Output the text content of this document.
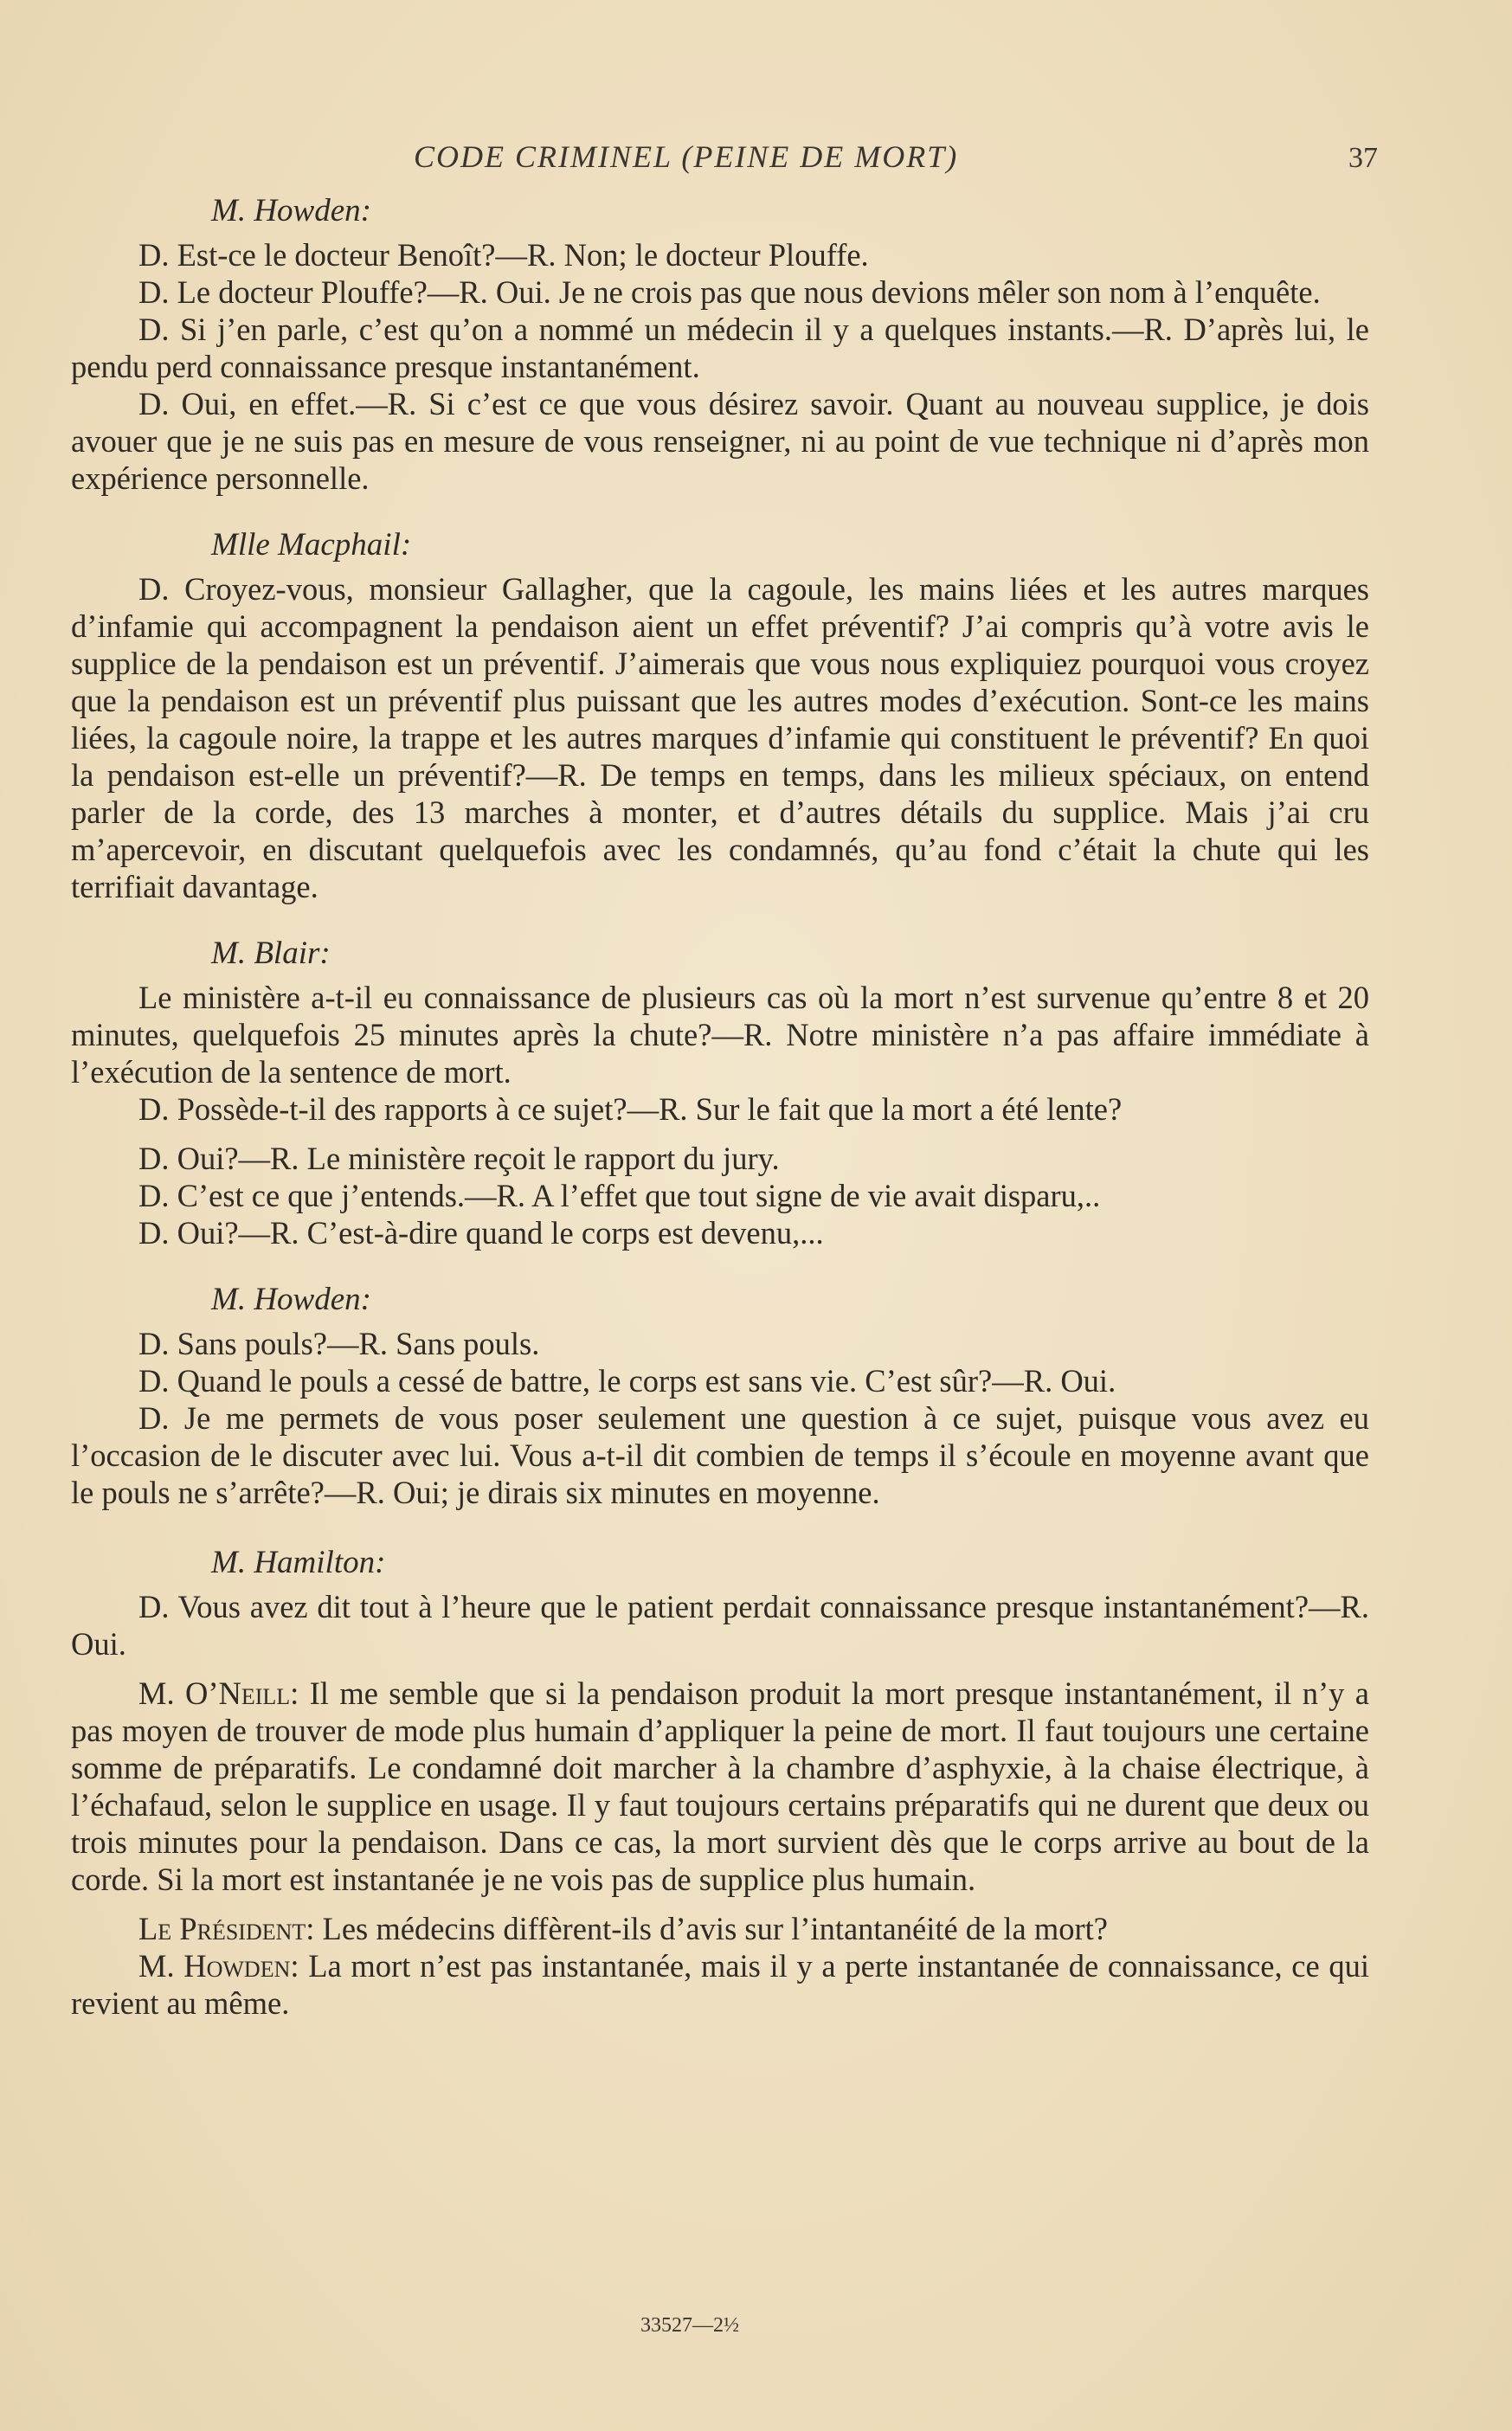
CODE CRIMINEL (PEINE DE MORT)	37
M. Howden:

D. Est-ce le docteur Benoît?—R. Non; le docteur Plouffe.

D. Le docteur Plouffe?—R. Oui. Je ne crois pas que nous devions mêler son nom à l’enquête.

D. Si j’en parle, c’est qu’on a nommé un médecin il y a quelques instants.—R. D’après lui, le pendu perd connaissance presque instantanément.

D. Oui, en effet.—R. Si c’est ce que vous désirez savoir. Quant au nouveau supplice, je dois avouer que je ne suis pas en mesure de vous renseigner, ni au point de vue technique ni d’après mon expérience personnelle.

Mlle Macphail:

D. Croyez-vous, monsieur Gallagher, que la cagoule, les mains liées et les autres marques d’infamie qui accompagnent la pendaison aient un effet préventif? J’ai compris qu’à votre avis le supplice de la pendaison est un préventif. J’aimerais que vous nous expliquiez pourquoi vous croyez que la pendaison est un préventif plus puissant que les autres modes d’exécution. Sont-ce les mains liées, la cagoule noire, la trappe et les autres marques d’infamie qui constituent le préventif? En quoi la pendaison est-elle un préventif?—R. De temps en temps, dans les milieux spéciaux, on entend parler de la corde, des 13 marches à monter, et d’autres détails du supplice. Mais j’ai cru m’apercevoir, en discutant quelquefois avec les condamnés, qu’au fond c’était la chute qui les terrifiait davantage.

M. Blair:

Le ministère a-t-il eu connaissance de plusieurs cas où la mort n’est survenue qu’entre 8 et 20 minutes, quelquefois 25 minutes après la chute?—R. Notre ministère n’a pas affaire immédiate à l’exécution de la sentence de mort.

D. Possède-t-il des rapports à ce sujet?—R. Sur le fait que la mort a été lente?

D. Oui?—R. Le ministère reçoit le rapport du jury.

D. C’est ce que j’entends.—R. A l’effet que tout signe de vie avait disparu,..

D. Oui?—R. C’est-à-dire quand le corps est devenu,...

M. Howden:

D. Sans pouls?—R. Sans pouls.

D. Quand le pouls a cessé de battre, le corps est sans vie. C’est sûr?—R. Oui.

D. Je me permets de vous poser seulement une question à ce sujet, puisque vous avez eu l’occasion de le discuter avec lui. Vous a-t-il dit combien de temps il s’écoule en moyenne avant que le pouls ne s’arrête?—R. Oui; je dirais six minutes en moyenne.

M. Hamilton:

D. Vous avez dit tout à l’heure que le patient perdait connaissance presque instantanément?—R. Oui.

M. O’Neill: Il me semble que si la pendaison produit la mort presque instantanément, il n’y a pas moyen de trouver de mode plus humain d’appliquer la peine de mort. Il faut toujours une certaine somme de préparatifs. Le condamné doit marcher à la chambre d’asphyxie, à la chaise électrique, à l’échafaud, selon le supplice en usage. Il y faut toujours certains préparatifs qui ne durent que deux ou trois minutes pour la pendaison. Dans ce cas, la mort survient dès que le corps arrive au bout de la corde. Si la mort est instantanée je ne vois pas de supplice plus humain.

Le Président: Les médecins diffèrent-ils d’avis sur l’intantanéité de la mort?

M. Howden: La mort n’est pas instantanée, mais il y a perte instantanée de connaissance, ce qui revient au même.

33527—2½
